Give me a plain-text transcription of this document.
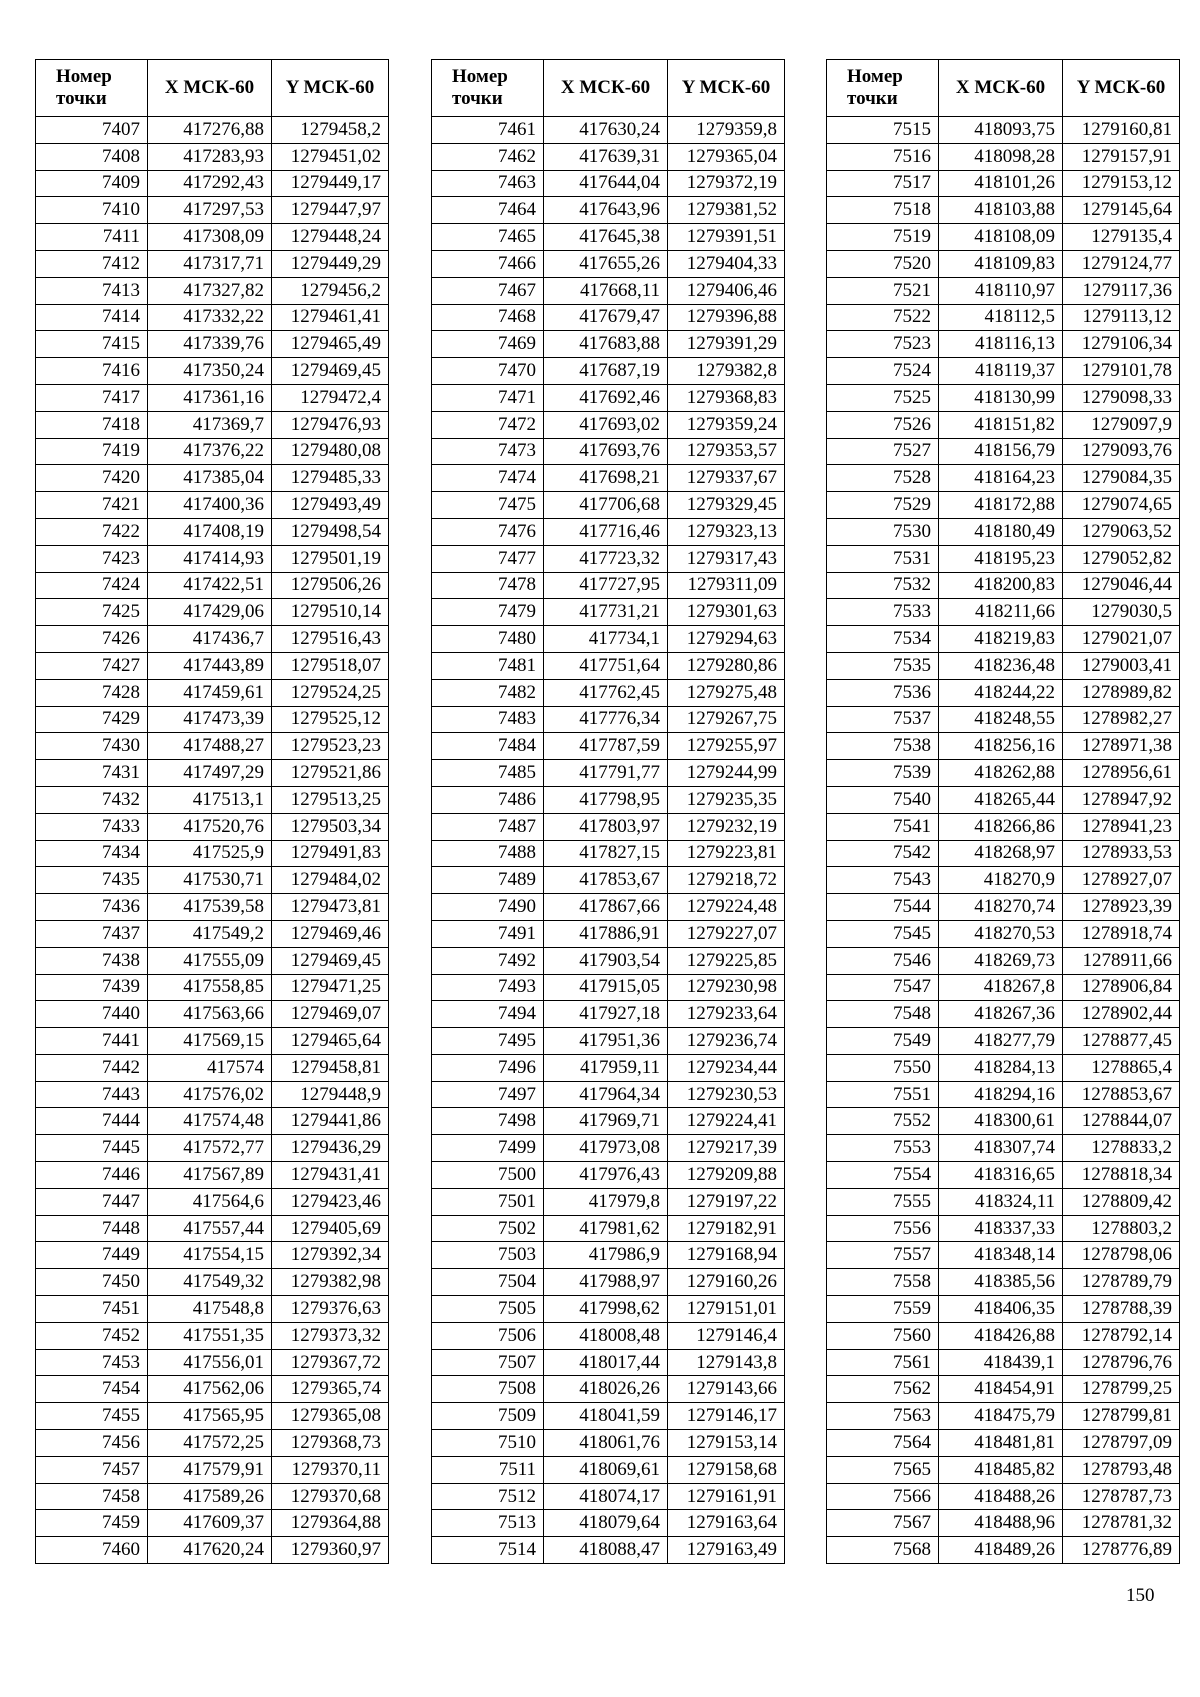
Номер
точки	X МСК-60	Y МСК-60
7407	417276,88	1279458,2
7408	417283,93	1279451,02
7409	417292,43	1279449,17
7410	417297,53	1279447,97
7411	417308,09	1279448,24
7412	417317,71	1279449,29
7413	417327,82	1279456,2
7414	417332,22	1279461,41
7415	417339,76	1279465,49
7416	417350,24	1279469,45
7417	417361,16	1279472,4
7418	417369,7	1279476,93
7419	417376,22	1279480,08
7420	417385,04	1279485,33
7421	417400,36	1279493,49
7422	417408,19	1279498,54
7423	417414,93	1279501,19
7424	417422,51	1279506,26
7425	417429,06	1279510,14
7426	417436,7	1279516,43
7427	417443,89	1279518,07
7428	417459,61	1279524,25
7429	417473,39	1279525,12
7430	417488,27	1279523,23
7431	417497,29	1279521,86
7432	417513,1	1279513,25
7433	417520,76	1279503,34
7434	417525,9	1279491,83
7435	417530,71	1279484,02
7436	417539,58	1279473,81
7437	417549,2	1279469,46
7438	417555,09	1279469,45
7439	417558,85	1279471,25
7440	417563,66	1279469,07
7441	417569,15	1279465,64
7442	417574	1279458,81
7443	417576,02	1279448,9
7444	417574,48	1279441,86
7445	417572,77	1279436,29
7446	417567,89	1279431,41
7447	417564,6	1279423,46
7448	417557,44	1279405,69
7449	417554,15	1279392,34
7450	417549,32	1279382,98
7451	417548,8	1279376,63
7452	417551,35	1279373,32
7453	417556,01	1279367,72
7454	417562,06	1279365,74
7455	417565,95	1279365,08
7456	417572,25	1279368,73
7457	417579,91	1279370,11
7458	417589,26	1279370,68
7459	417609,37	1279364,88
7460	417620,24	1279360,97
Номер
точки	X МСК-60	Y МСК-60
7461	417630,24	1279359,8
7462	417639,31	1279365,04
7463	417644,04	1279372,19
7464	417643,96	1279381,52
7465	417645,38	1279391,51
7466	417655,26	1279404,33
7467	417668,11	1279406,46
7468	417679,47	1279396,88
7469	417683,88	1279391,29
7470	417687,19	1279382,8
7471	417692,46	1279368,83
7472	417693,02	1279359,24
7473	417693,76	1279353,57
7474	417698,21	1279337,67
7475	417706,68	1279329,45
7476	417716,46	1279323,13
7477	417723,32	1279317,43
7478	417727,95	1279311,09
7479	417731,21	1279301,63
7480	417734,1	1279294,63
7481	417751,64	1279280,86
7482	417762,45	1279275,48
7483	417776,34	1279267,75
7484	417787,59	1279255,97
7485	417791,77	1279244,99
7486	417798,95	1279235,35
7487	417803,97	1279232,19
7488	417827,15	1279223,81
7489	417853,67	1279218,72
7490	417867,66	1279224,48
7491	417886,91	1279227,07
7492	417903,54	1279225,85
7493	417915,05	1279230,98
7494	417927,18	1279233,64
7495	417951,36	1279236,74
7496	417959,11	1279234,44
7497	417964,34	1279230,53
7498	417969,71	1279224,41
7499	417973,08	1279217,39
7500	417976,43	1279209,88
7501	417979,8	1279197,22
7502	417981,62	1279182,91
7503	417986,9	1279168,94
7504	417988,97	1279160,26
7505	417998,62	1279151,01
7506	418008,48	1279146,4
7507	418017,44	1279143,8
7508	418026,26	1279143,66
7509	418041,59	1279146,17
7510	418061,76	1279153,14
7511	418069,61	1279158,68
7512	418074,17	1279161,91
7513	418079,64	1279163,64
7514	418088,47	1279163,49
Номер
точки	X МСК-60	Y МСК-60
7515	418093,75	1279160,81
7516	418098,28	1279157,91
7517	418101,26	1279153,12
7518	418103,88	1279145,64
7519	418108,09	1279135,4
7520	418109,83	1279124,77
7521	418110,97	1279117,36
7522	418112,5	1279113,12
7523	418116,13	1279106,34
7524	418119,37	1279101,78
7525	418130,99	1279098,33
7526	418151,82	1279097,9
7527	418156,79	1279093,76
7528	418164,23	1279084,35
7529	418172,88	1279074,65
7530	418180,49	1279063,52
7531	418195,23	1279052,82
7532	418200,83	1279046,44
7533	418211,66	1279030,5
7534	418219,83	1279021,07
7535	418236,48	1279003,41
7536	418244,22	1278989,82
7537	418248,55	1278982,27
7538	418256,16	1278971,38
7539	418262,88	1278956,61
7540	418265,44	1278947,92
7541	418266,86	1278941,23
7542	418268,97	1278933,53
7543	418270,9	1278927,07
7544	418270,74	1278923,39
7545	418270,53	1278918,74
7546	418269,73	1278911,66
7547	418267,8	1278906,84
7548	418267,36	1278902,44
7549	418277,79	1278877,45
7550	418284,13	1278865,4
7551	418294,16	1278853,67
7552	418300,61	1278844,07
7553	418307,74	1278833,2
7554	418316,65	1278818,34
7555	418324,11	1278809,42
7556	418337,33	1278803,2
7557	418348,14	1278798,06
7558	418385,56	1278789,79
7559	418406,35	1278788,39
7560	418426,88	1278792,14
7561	418439,1	1278796,76
7562	418454,91	1278799,25
7563	418475,79	1278799,81
7564	418481,81	1278797,09
7565	418485,82	1278793,48
7566	418488,26	1278787,73
7567	418488,96	1278781,32
7568	418489,26	1278776,89
150
